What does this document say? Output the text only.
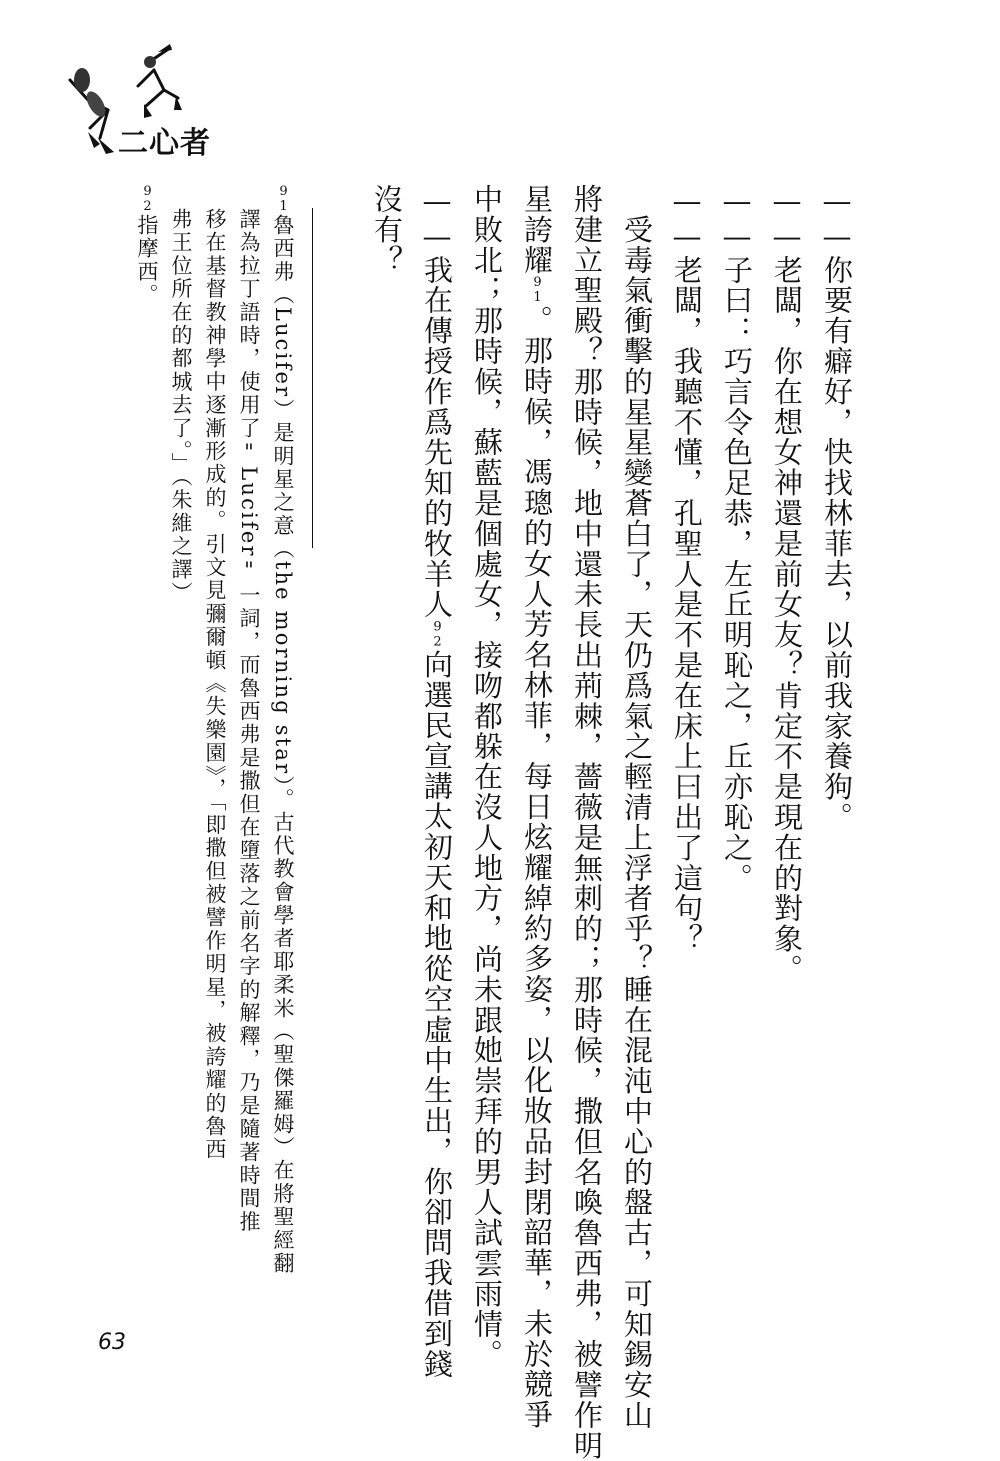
二心者
——你要有癖好，快找林菲去，以前我家養狗。
——老闆，你在想女神還是前女友？肯定不是現在的對象。
——子曰：巧言令色足恭，左丘明恥之，丘亦恥之。
——老闆，我聽不懂，孔聖人是不是在床上曰出了這句？
　受毒氣衝擊的星星變蒼白了，天仍爲氣之輕清上浮者乎？睡在混沌中心的盤古，可知錫安山
將建立聖殿？那時候，地中還未長出荊棘，薔薇是無刺的；那時候，撒但名喚魯西弗，被譬作明
星誇耀91。那時候，馮璁的女人芳名林菲，每日炫耀綽約多姿，以化妝品封閉韶華，未於競爭
中敗北；那時候，蘇藍是個處女，接吻都躲在沒人地方，尚未跟她崇拜的男人試雲雨情。
——我在傳授作爲先知的牧羊人92向選民宣講太初天和地從空虛中生出，你卻問我借到錢
沒有？
91魯西弗（Lucifer）是明星之意（the morning star）。古代教會學者耶柔米（聖傑羅姆）在將聖經翻
譯為拉丁語時，使用了"Lucifer"一詞，而魯西弗是撒但在墮落之前名字的解釋，乃是隨著時間推
移在基督教神學中逐漸形成的。引文見彌爾頓《失樂園》，「即撒但被譬作明星，被誇耀的魯西
弗王位所在的都城去了。」（朱維之譯）
92指摩西。
63
